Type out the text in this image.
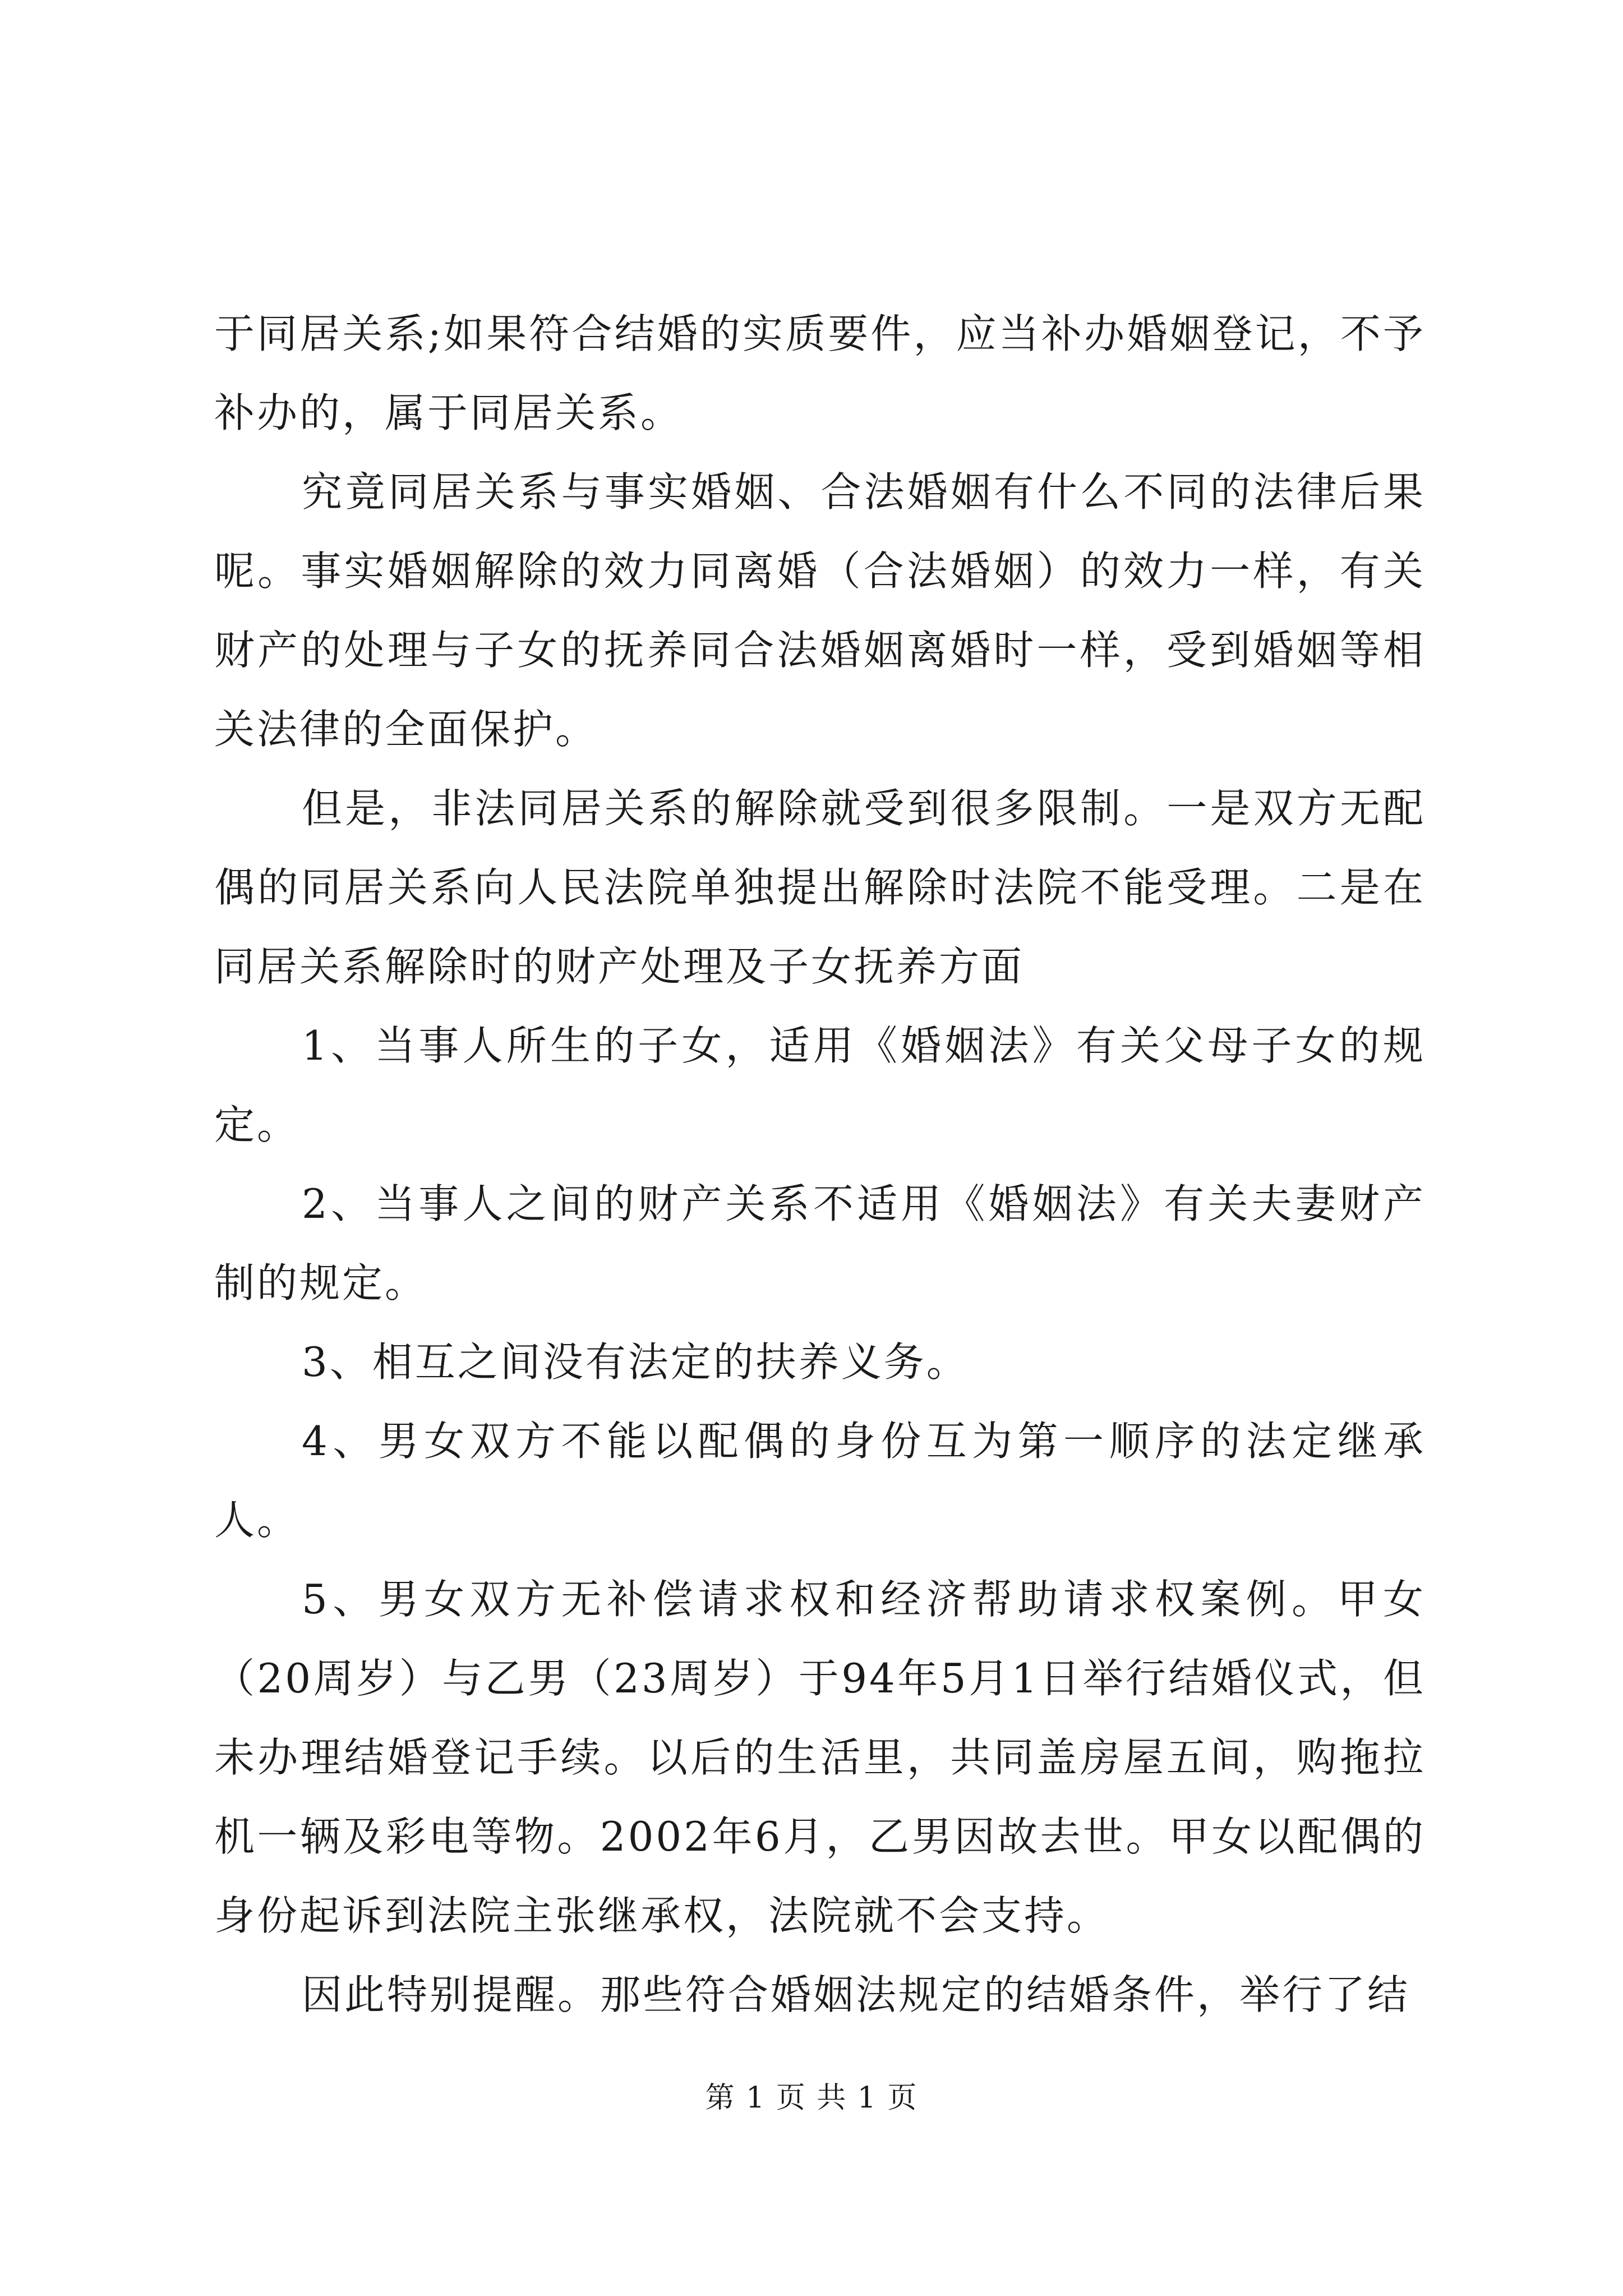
于同居关系;如果符合结婚的实质要件，应当补办婚姻登记，不予补办的，属于同居关系。

究竟同居关系与事实婚姻、合法婚姻有什么不同的法律后果呢。事实婚姻解除的效力同离婚（合法婚姻）的效力一样，有关财产的处理与子女的抚养同合法婚姻离婚时一样，受到婚姻等相关法律的全面保护。

但是，非法同居关系的解除就受到很多限制。一是双方无配偶的同居关系向人民法院单独提出解除时法院不能受理。二是在同居关系解除时的财产处理及子女抚养方面

1、当事人所生的子女，适用《婚姻法》有关父母子女的规定。

2、当事人之间的财产关系不适用《婚姻法》有关夫妻财产制的规定。

3、相互之间没有法定的扶养义务。

4、男女双方不能以配偶的身份互为第一顺序的法定继承人。

5、男女双方无补偿请求权和经济帮助请求权案例。甲女（20周岁）与乙男（23周岁）于94年5月1日举行结婚仪式，但未办理结婚登记手续。以后的生活里，共同盖房屋五间，购拖拉机一辆及彩电等物。2002年6月，乙男因故去世。甲女以配偶的身份起诉到法院主张继承权，法院就不会支持。

因此特别提醒。那些符合婚姻法规定的结婚条件，举行了结

第 1 页 共 1 页
